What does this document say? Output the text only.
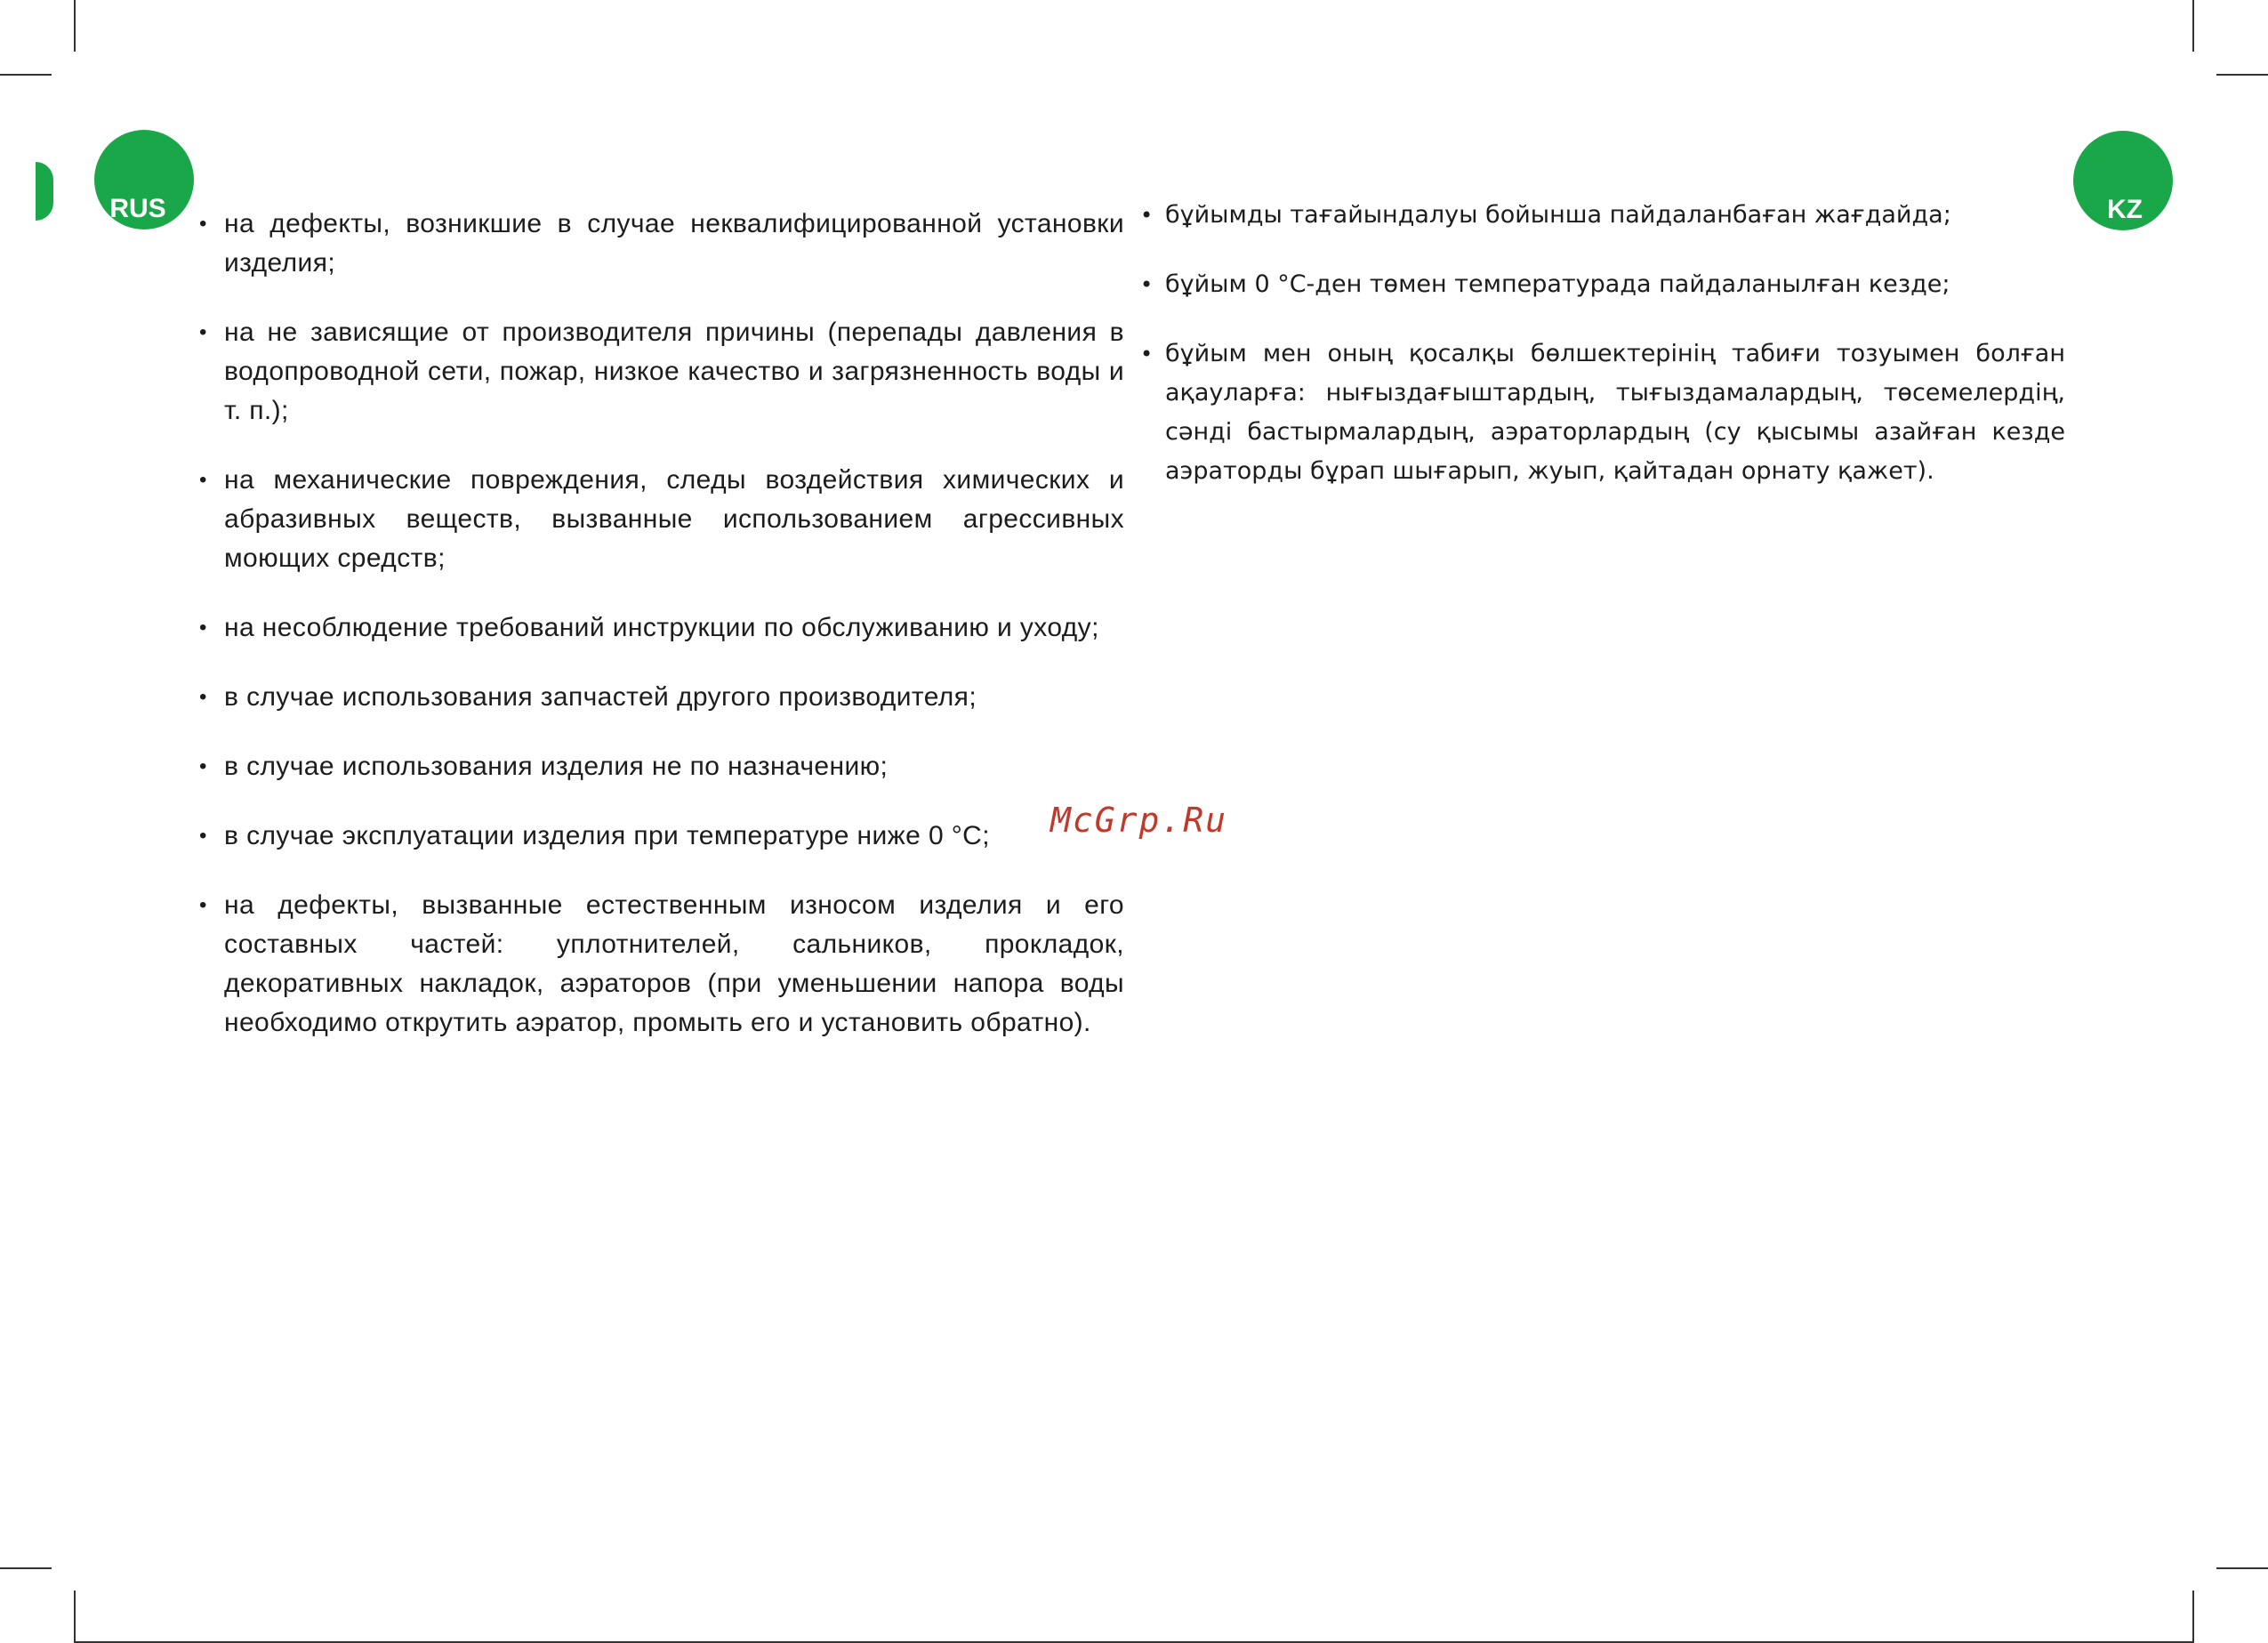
RUS	KZ
• на дефекты, возникшие в случае неквалифицированной установки изделия;
• на не зависящие от производителя причины (перепады давления в водопроводной сети, пожар, низкое качество и загрязненность воды и т. п.);
• на механические повреждения, следы воздействия химических и абразивных веществ, вызванные использованием агрессивных моющих средств;
• на несоблюдение требований инструкции по обслуживанию и уходу;
• в случае использования запчастей другого производителя;
• в случае использования изделия не по назначению;
• в случае эксплуатации изделия при температуре ниже 0 °С;
• на дефекты, вызванные естественным износом изделия и его составных частей: уплотнителей, сальников, прокладок, декоративных накладок, аэраторов (при уменьшении напора воды необходимо открутить аэратор, промыть его и установить обратно).
• бұйымды тағайындалуы бойынша пайдаланбаған жағдайда;
• бұйым 0 °C-ден төмен температурада пайдаланылған кезде;
• бұйым мен оның қосалқы бөлшектерінің табиғи тозуымен болған ақауларға: нығыздағыштардың, тығыздамалардың, төсемелердің, сәнді бастырмалардың, аэраторлардың (су қысымы азайған кезде аэраторды бұрап шығарып, жуып, қайтадан орнату қажет).
McGrp.Ru
